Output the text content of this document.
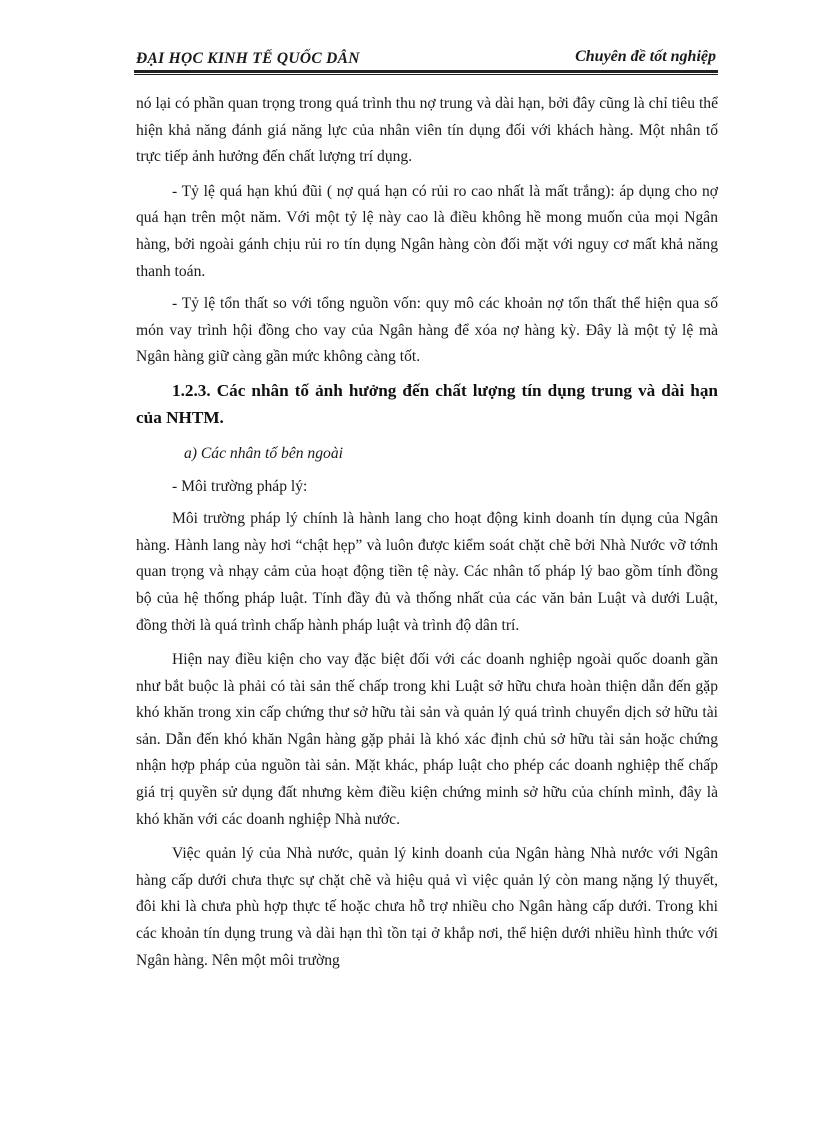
ĐẠI HỌC KINH TẾ QUỐC DÂN	Chuyên đề tốt nghiệp

nó lại có phần quan trọng trong quá trình thu nợ trung và dài hạn, bởi đây cũng là chỉ tiêu thể hiện khả năng đánh giá năng lực của nhân viên tín dụng đối với khách hàng. Một nhân tố trực tiếp ảnh hưởng đến chất lượng trí dụng.

- Tỷ lệ quá hạn khú đũi ( nợ quá hạn có rủi ro cao nhất là mất trắng): áp dụng cho nợ quá hạn trên một năm. Với một tỷ lệ này cao là điều không hề mong muốn của mọi Ngân hàng, bởi ngoài gánh chịu rủi ro tín dụng Ngân hàng còn đối mặt với nguy cơ mất khả năng thanh toán.

- Tỷ lệ tổn thất so với tổng nguồn vốn: quy mô các khoản nợ tổn thất thể hiện qua số món vay trình hội đồng cho vay của Ngân hàng để xóa nợ hàng kỳ. Đây là một tỷ lệ mà Ngân hàng giữ càng gần mức không càng tốt.

1.2.3. Các nhân tố ảnh hưởng đến chất lượng tín dụng trung và dài hạn của NHTM.

a) Các nhân tố bên ngoài

- Môi trường pháp lý:

Môi trường pháp lý chính là hành lang cho hoạt động kinh doanh tín dụng của Ngân hàng. Hành lang này hơi “chật hẹp” và luôn được kiểm soát chặt chẽ bởi Nhà Nước vỡ tớnh quan trọng và nhạy cảm của hoạt động tiền tệ này. Các nhân tố pháp lý bao gồm tính đồng bộ của hệ thống pháp luật. Tính đầy đủ và thống nhất của các văn bản Luật và dưới Luật, đồng thời là quá trình chấp hành pháp luật và trình độ dân trí.

Hiện nay điều kiện cho vay đặc biệt đối với các doanh nghiệp ngoài quốc doanh gần như bắt buộc là phải có tài sản thế chấp trong khi Luật sở hữu chưa hoàn thiện dẫn đến gặp khó khăn trong xin cấp chứng thư sở hữu tài sản và quản lý quá trình chuyển dịch sở hữu tài sản. Dẫn đến khó khăn Ngân hàng gặp phải là khó xác định chủ sở hữu tài sản hoặc chứng nhận hợp pháp của nguồn tài sản. Mặt khác, pháp luật cho phép các doanh nghiệp thế chấp giá trị quyền sử dụng đất nhưng kèm điều kiện chứng minh sở hữu của chính mình, đây là khó khăn với các doanh nghiệp Nhà nước.

Việc quản lý của Nhà nước, quản lý kinh doanh của Ngân hàng Nhà nước với Ngân hàng cấp dưới chưa thực sự chặt chẽ và hiệu quả vì việc quản lý còn mang nặng lý thuyết, đôi khi là chưa phù hợp thực tế hoặc chưa hỗ trợ nhiều cho Ngân hàng cấp dưới. Trong khi các khoản tín dụng trung và dài hạn thì tồn tại ở khắp nơi, thể hiện dưới nhiều hình thức với Ngân hàng. Nên một môi trường
